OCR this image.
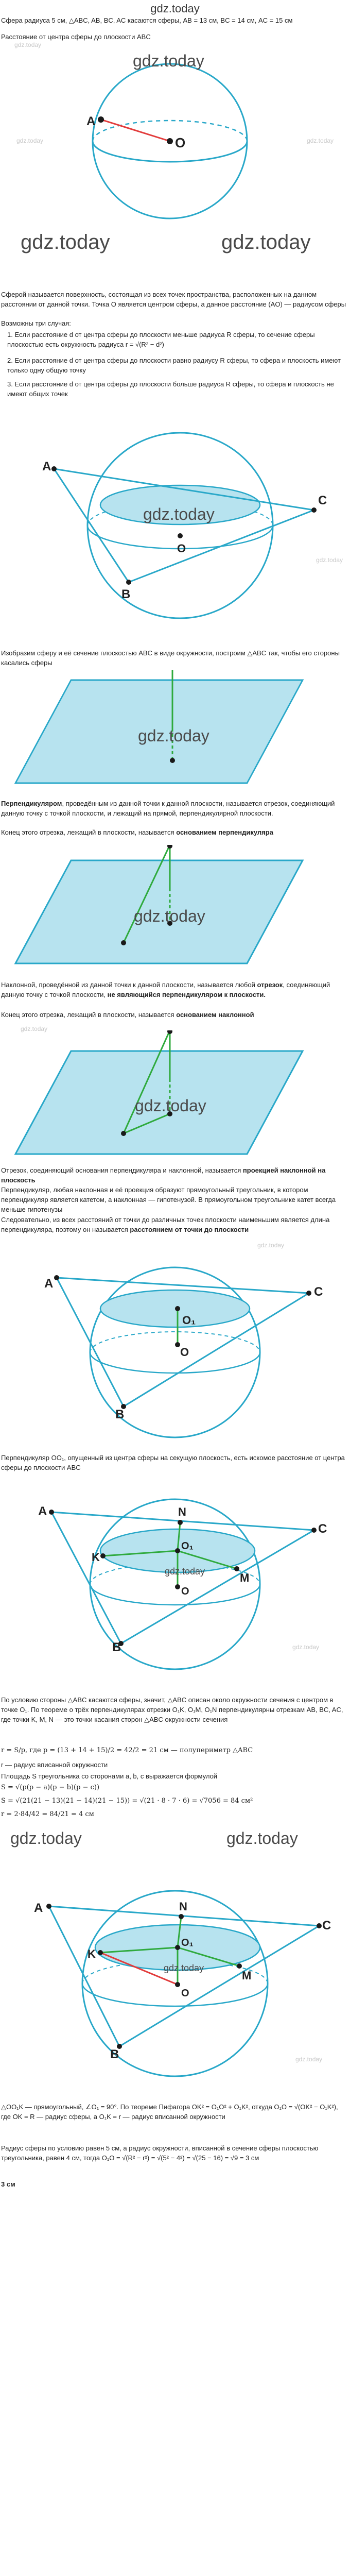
gdz.today
Сфера радиуса 5 см, △ABC, AB, BC, AC касаются сферы, AB = 13 см, BC = 14 см, AC = 15 см
Расстояние от центра сферы до плоскости ABC
gdz.today
A
O
gdz.today
gdz.today
gdz.today
gdz.today	gdz.today
Сферой называется поверхность, состоящая из всех точек пространства, расположенных на данном расстоянии от данной точки. Точка O является центром сферы, а данное расстояние (AO) — радиусом сферы
Возможны три случая:
1. Если расстояние d от центра сферы до плоскости меньше радиуса R сферы, то сечение сферы плоскостью есть окружность радиуса r = √(R² − d²)
2. Если расстояние d от центра сферы до плоскости равно радиусу R сферы, то сфера и плоскость имеют только одну общую точку
3. Если расстояние d от центра сферы до плоскости больше радиуса R сферы, то сфера и плоскость не имеют общих точек
A
C
B
O
gdz.today
gdz.today
Изобразим сферу и её сечение плоскостью ABC в виде окружности, построим △ABC так, чтобы его стороны касались сферы
gdz.today
Перпендикуляром, проведённым из данной точки к данной плоскости, называется отрезок, соединяющий данную точку с точкой плоскости, и лежащий на прямой, перпендикулярной плоскости.
Конец этого отрезка, лежащий в плоскости, называется основанием перпендикуляра
gdz.today
Наклонной, проведённой из данной точки к данной плоскости, называется любой отрезок, соединяющий данную точку с точкой плоскости, не являющийся перпендикуляром к плоскости.
Конец этого отрезка, лежащий в плоскости, называется основанием наклонной
gdz.today
gdz.today
Отрезок, соединяющий основания перпендикуляра и наклонной, называется проекцией наклонной на плоскость
Перпендикуляр, любая наклонная и её проекция образуют прямоугольный треугольник, в котором перпендикуляр является катетом, а наклонная — гипотенузой. В прямоугольном треугольнике катет всегда меньше гипотенузы
Следовательно, из всех расстояний от точки до различных точек плоскости наименьшим является длина перпендикуляра, поэтому он называется расстоянием от точки до плоскости
A
C
B
O₁
O
gdz.today
Перпендикуляр OO₁, опущенный из центра сферы на секущую плоскость, есть искомое расстояние от центра сферы до плоскости ABC
A
C
B
N
K
M
O₁
O
gdz.today
gdz.today
По условию стороны △ABC касаются сферы, значит, △ABC описан около окружности сечения с центром в точке O₁. По теореме о трёх перпендикулярах отрезки O₁K, O₁M, O₁N перпендикулярны отрезкам AB, BC, AC, где точки K, M, N — это точки касания сторон △ABC окружности сечения
r = S/p, где p = (13 + 14 + 15)/2 = 42/2 = 21 см — полупериметр △ABC
r — радиус вписанной окружности
Площадь S треугольника со сторонами a, b, c выражается формулой
S = √(p(p − a)(p − b)(p − c))
S = √(21(21 − 13)(21 − 14)(21 − 15)) = √(21 · 8 · 7 · 6) = √7056 = 84 см²
r = 2·84/42 = 84/21 = 4 см
gdz.today	gdz.today
A
C
B
N
K
M
O₁
O
gdz.today
gdz.today
△OO₁K — прямоугольный, ∠O₁ = 90°. По теореме Пифагора OK² = O₁O² + O₁K², откуда O₁O = √(OK² − O₁K²), где OK = R — радиус сферы, а O₁K = r — радиус вписанной окружности
Радиус сферы по условию равен 5 см, а радиус окружности, вписанной в сечение сферы плоскостью треугольника, равен 4 см, тогда O₁O = √(R² − r²) = √(5² − 4²) = √(25 − 16) = √9 = 3 см
3 см
